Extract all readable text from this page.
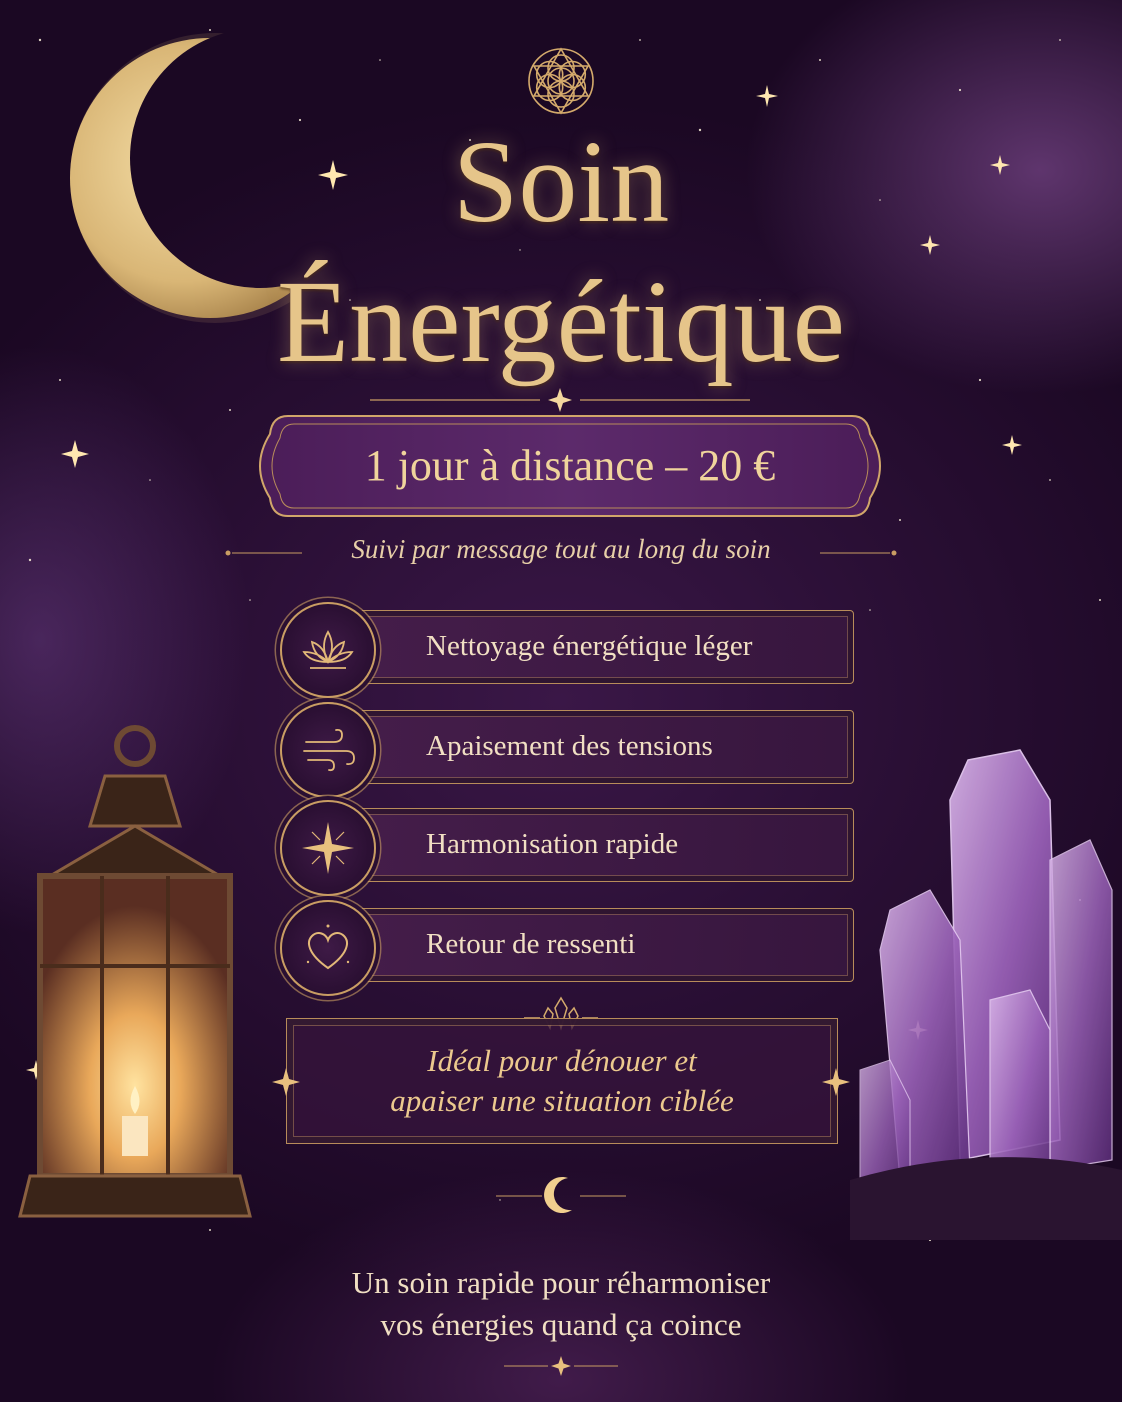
Soin
Énergétique
1 jour à distance – 20 €
Suivi par message tout au long du soin
Nettoyage énergétique léger
Apaisement des tensions
Harmonisation rapide
Retour de ressenti
Idéal pour dénouer et
apaiser une situation ciblée
Un soin rapide pour réharmoniser
vos énergies quand ça coince
